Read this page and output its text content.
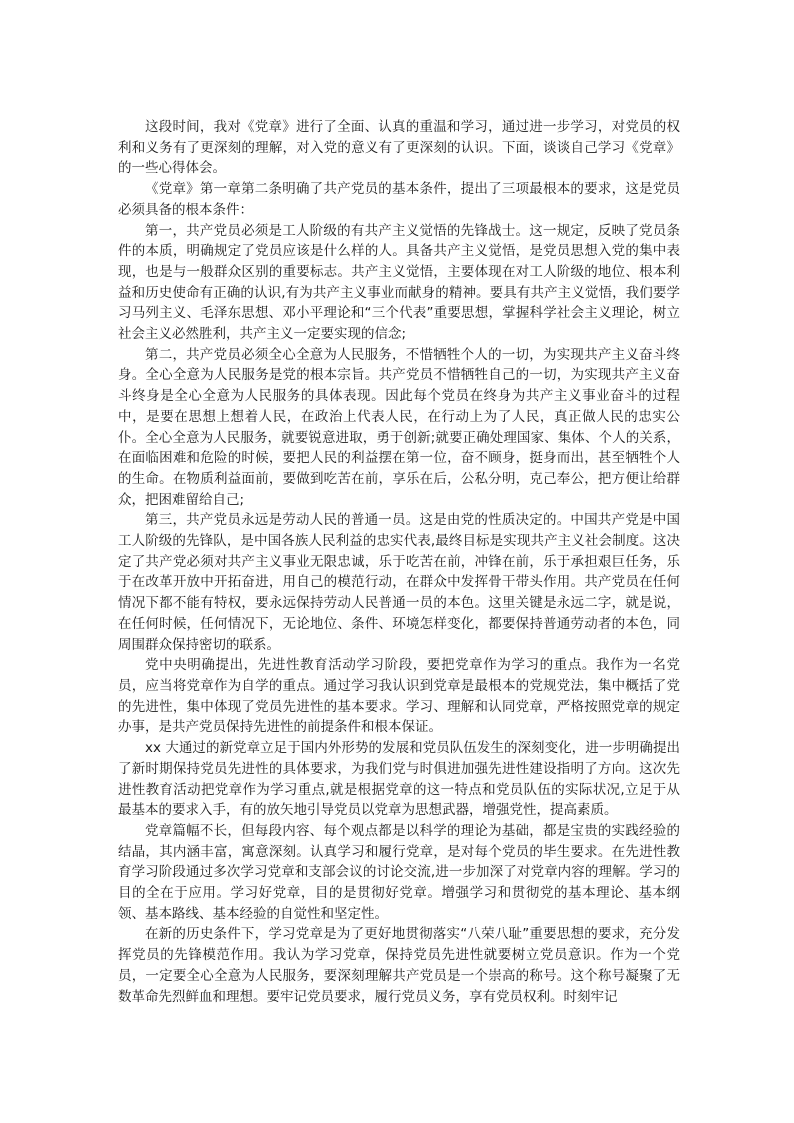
这段时间，我对《党章》进行了全面、认真的重温和学习，通过进一步学习，对党员的权利和义务有了更深刻的理解，对入党的意义有了更深刻的认识。下面，谈谈自己学习《党章》的一些心得体会。

《党章》第一章第二条明确了共产党员的基本条件，提出了三项最根本的要求，这是党员必须具备的根本条件：

第一，共产党员必须是工人阶级的有共产主义觉悟的先锋战士。这一规定，反映了党员条件的本质，明确规定了党员应该是什么样的人。具备共产主义觉悟，是党员思想入党的集中表现，也是与一般群众区别的重要标志。共产主义觉悟，主要体现在对工人阶级的地位、根本利益和历史使命有正确的认识,有为共产主义事业而献身的精神。要具有共产主义觉悟，我们要学习马列主义、毛泽东思想、邓小平理论和“三个代表”重要思想，掌握科学社会主义理论，树立社会主义必然胜利，共产主义一定要实现的信念;

第二，共产党员必须全心全意为人民服务，不惜牺牲个人的一切，为实现共产主义奋斗终身。全心全意为人民服务是党的根本宗旨。共产党员不惜牺牲自己的一切，为实现共产主义奋斗终身是全心全意为人民服务的具体表现。因此每个党员在终身为共产主义事业奋斗的过程中，是要在思想上想着人民，在政治上代表人民，在行动上为了人民，真正做人民的忠实公仆。全心全意为人民服务，就要锐意进取，勇于创新;就要正确处理国家、集体、个人的关系，在面临困难和危险的时候，要把人民的利益摆在第一位，奋不顾身，挺身而出，甚至牺牲个人的生命。在物质利益面前，要做到吃苦在前，享乐在后，公私分明，克己奉公，把方便让给群众，把困难留给自己;

第三，共产党员永远是劳动人民的普通一员。这是由党的性质决定的。中国共产党是中国工人阶级的先锋队，是中国各族人民利益的忠实代表,最终目标是实现共产主义社会制度。这决定了共产党必须对共产主义事业无限忠诚，乐于吃苦在前，冲锋在前，乐于承担艰巨任务，乐于在改革开放中开拓奋进，用自己的模范行动，在群众中发挥骨干带头作用。共产党员在任何情况下都不能有特权，要永远保持劳动人民普通一员的本色。这里关键是永远二字，就是说，在任何时候，任何情况下，无论地位、条件、环境怎样变化，都要保持普通劳动者的本色，同周围群众保持密切的联系。

党中央明确提出，先进性教育活动学习阶段，要把党章作为学习的重点。我作为一名党员，应当将党章作为自学的重点。通过学习我认识到党章是最根本的党规党法，集中概括了党的先进性，集中体现了党员先进性的基本要求。学习、理解和认同党章，严格按照党章的规定办事，是共产党员保持先进性的前提条件和根本保证。

xx 大通过的新党章立足于国内外形势的发展和党员队伍发生的深刻变化，进一步明确提出了新时期保持党员先进性的具体要求，为我们党与时俱进加强先进性建设指明了方向。这次先进性教育活动把党章作为学习重点,就是根据党章的这一特点和党员队伍的实际状况,立足于从最基本的要求入手，有的放矢地引导党员以党章为思想武器，增强党性，提高素质。

党章篇幅不长，但每段内容、每个观点都是以科学的理论为基础，都是宝贵的实践经验的结晶，其内涵丰富，寓意深刻。认真学习和履行党章，是对每个党员的毕生要求。在先进性教育学习阶段通过多次学习党章和支部会议的讨论交流,进一步加深了对党章内容的理解。学习的目的全在于应用。学习好党章，目的是贯彻好党章。增强学习和贯彻党的基本理论、基本纲领、基本路线、基本经验的自觉性和坚定性。

在新的历史条件下，学习党章是为了更好地贯彻落实“八荣八耻”重要思想的要求，充分发挥党员的先锋模范作用。我认为学习党章，保持党员先进性就要树立党员意识。作为一个党员，一定要全心全意为人民服务，要深刻理解共产党员是一个崇高的称号。这个称号凝聚了无数革命先烈鲜血和理想。要牢记党员要求，履行党员义务，享有党员权利。时刻牢记
